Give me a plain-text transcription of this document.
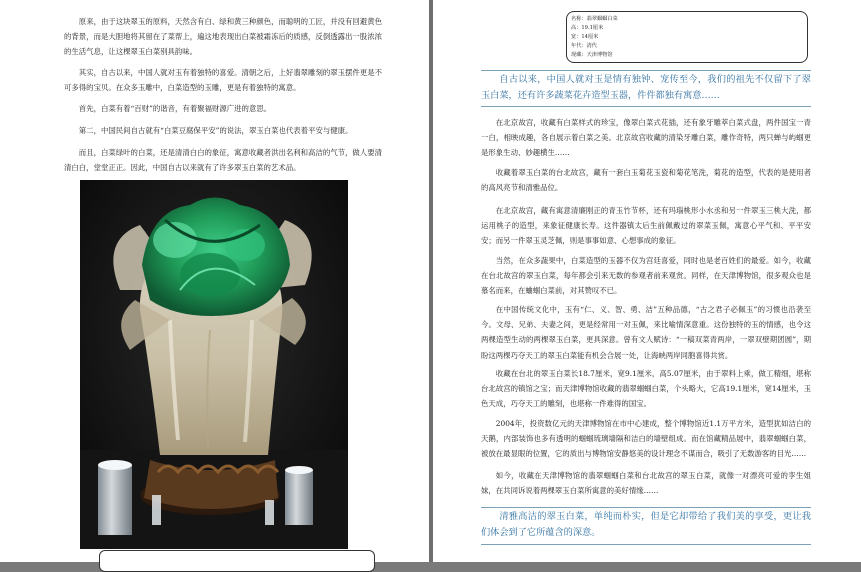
原来，由于这块翠玉的原料，天然含有白、绿和黄三种颜色，而聪明的工匠，并没有回避黄色的背景，而是大胆地将其留在了菜帮上，遍这地表现出白菜被霜冻后的质感，反倒透露出一股浓浓的生活气息，让这棵翠玉白菜别具韵味。

其实，自古以来，中国人就对玉有着独特的喜爱。清朝之后，上好翡翠雕刻的翠玉摆件更是不可多得的宝贝。在众多玉雕中，白菜造型的玉雕，更是有着独特的寓意。

首先，白菜有着“百财”的谐音，有着聚福财源广进的意思。

第二，中国民间自古就有“白菜豆腐保平安”的说法，翠玉白菜也代表着平安与健康。

而且，白菜绿叶的白菜，还是清清白白的象征，寓意收藏者洪出名利和高洁的气节，做人要清清白白，堂堂正正。因此，中国自古以来就有了许多翠玉白菜的艺术品。

名称：翡翠蝈蝈白菜

高：19.1厘米

宽：14厘米

年代：清代

现藏：天津博物馆

自古以来，中国人就对玉是情有独钟、宠传至今，我们的祖先不仅留下了翠玉白菜，还有许多蔬菜花卉造型玉器，件件都独有寓意……

在北京故宫，收藏有白菜样式的珍宝，像翠白菜式花插，还有象牙雕萃白菜式盘，两件国宝一青一白，相映成趣，各自展示着白菜之美。北京故宫收藏的清染牙雕白菜，雕作奇特，两只蝉与屿蝈更是形象生动、妙趣横生……

收藏着翠玉白菜的台北故宫，藏有一套白玉菊花玉瓷和菊花笔洗，菊花的造型，代表的是使用者的高风亮节和清雅品位。

在北京故宫，藏有寓意清廉刚正的青玉竹节杯，还有玛瑙桃形小水丞和另一件翠玉三桃大洗，都运用桃子的造型，来象征健康长寿。这件器镇太后生前佩戴过的翠菜玉佩，寓意心平气和、平平安安；而另一件翠玉灵芝佩，则是事事如意、心想事成的象征。

当然，在众多蔬果中，白菜造型的玉器不仅为宫廷喜爱，同时也是老百姓们的最爱。如今，收藏在台北故宫的翠玉白菜，每年都会引来无数的参观者前来观赏。同样，在天津博物馆，很多观众也是慕名而来，在蛐蝈白菜前，对其赞叹不已。

在中国传统文化中，玉有“仁、义、智、勇、洁”五种品德，“古之君子必佩玉”的习惯也沿袭至今。文母、兄弟、夫妻之间，更是经常用一对玉佩，来比喻情深意重。这份独特的玉的情感，也令这两棵造型生动的两棵翠玉白菜，更具深意。曾有文人赋诗：“一稿双菜青两岸，一翠双壁期团圆”，期盼这两棵巧夺天工的翠玉白菜能有机会合展一处，让海峡两岸同胞喜得共赏。

收藏在台北的翠玉白菜长18.7厘米，宽9.1厘米，高5.07厘米，由于翠料上乘，做工精细，堪称台北故宫的镇馆之宝；而天津博物馆收藏的翡翠蝈蝈白菜，个头略大，它高19.1厘米，宽14厘米，玉色天成，巧夺天工的雕刻，也堪称一件难得的国宝。

2004年，投资数亿元的天津博物馆在市中心建成，整个博物馆近1.1万平方米，造型犹如洁白的天鹅，内部装饰也多有透明的蝈蝈琉璃墙隔和洁白的墙壁组成。而在馆藏精品展中，翡翠蝈蝈白菜，被放在最显眼的位置，它的质出与博物馆安静悠美的设计理念不谋而合，吸引了无数游客的目光……

如今，收藏在天津博物馆的翡翠蝈蝈白菜和台北故宫的翠玉白菜，就像一对漂亮可爱的孪生姐妹，在共同诉说着两棵翠玉白菜所寓意的美好情缘……

清雅高洁的翠玉白菜，单纯而朴实，但是它却带给了我们美的享受，更让我们体会到了它所蕴含的深意。
